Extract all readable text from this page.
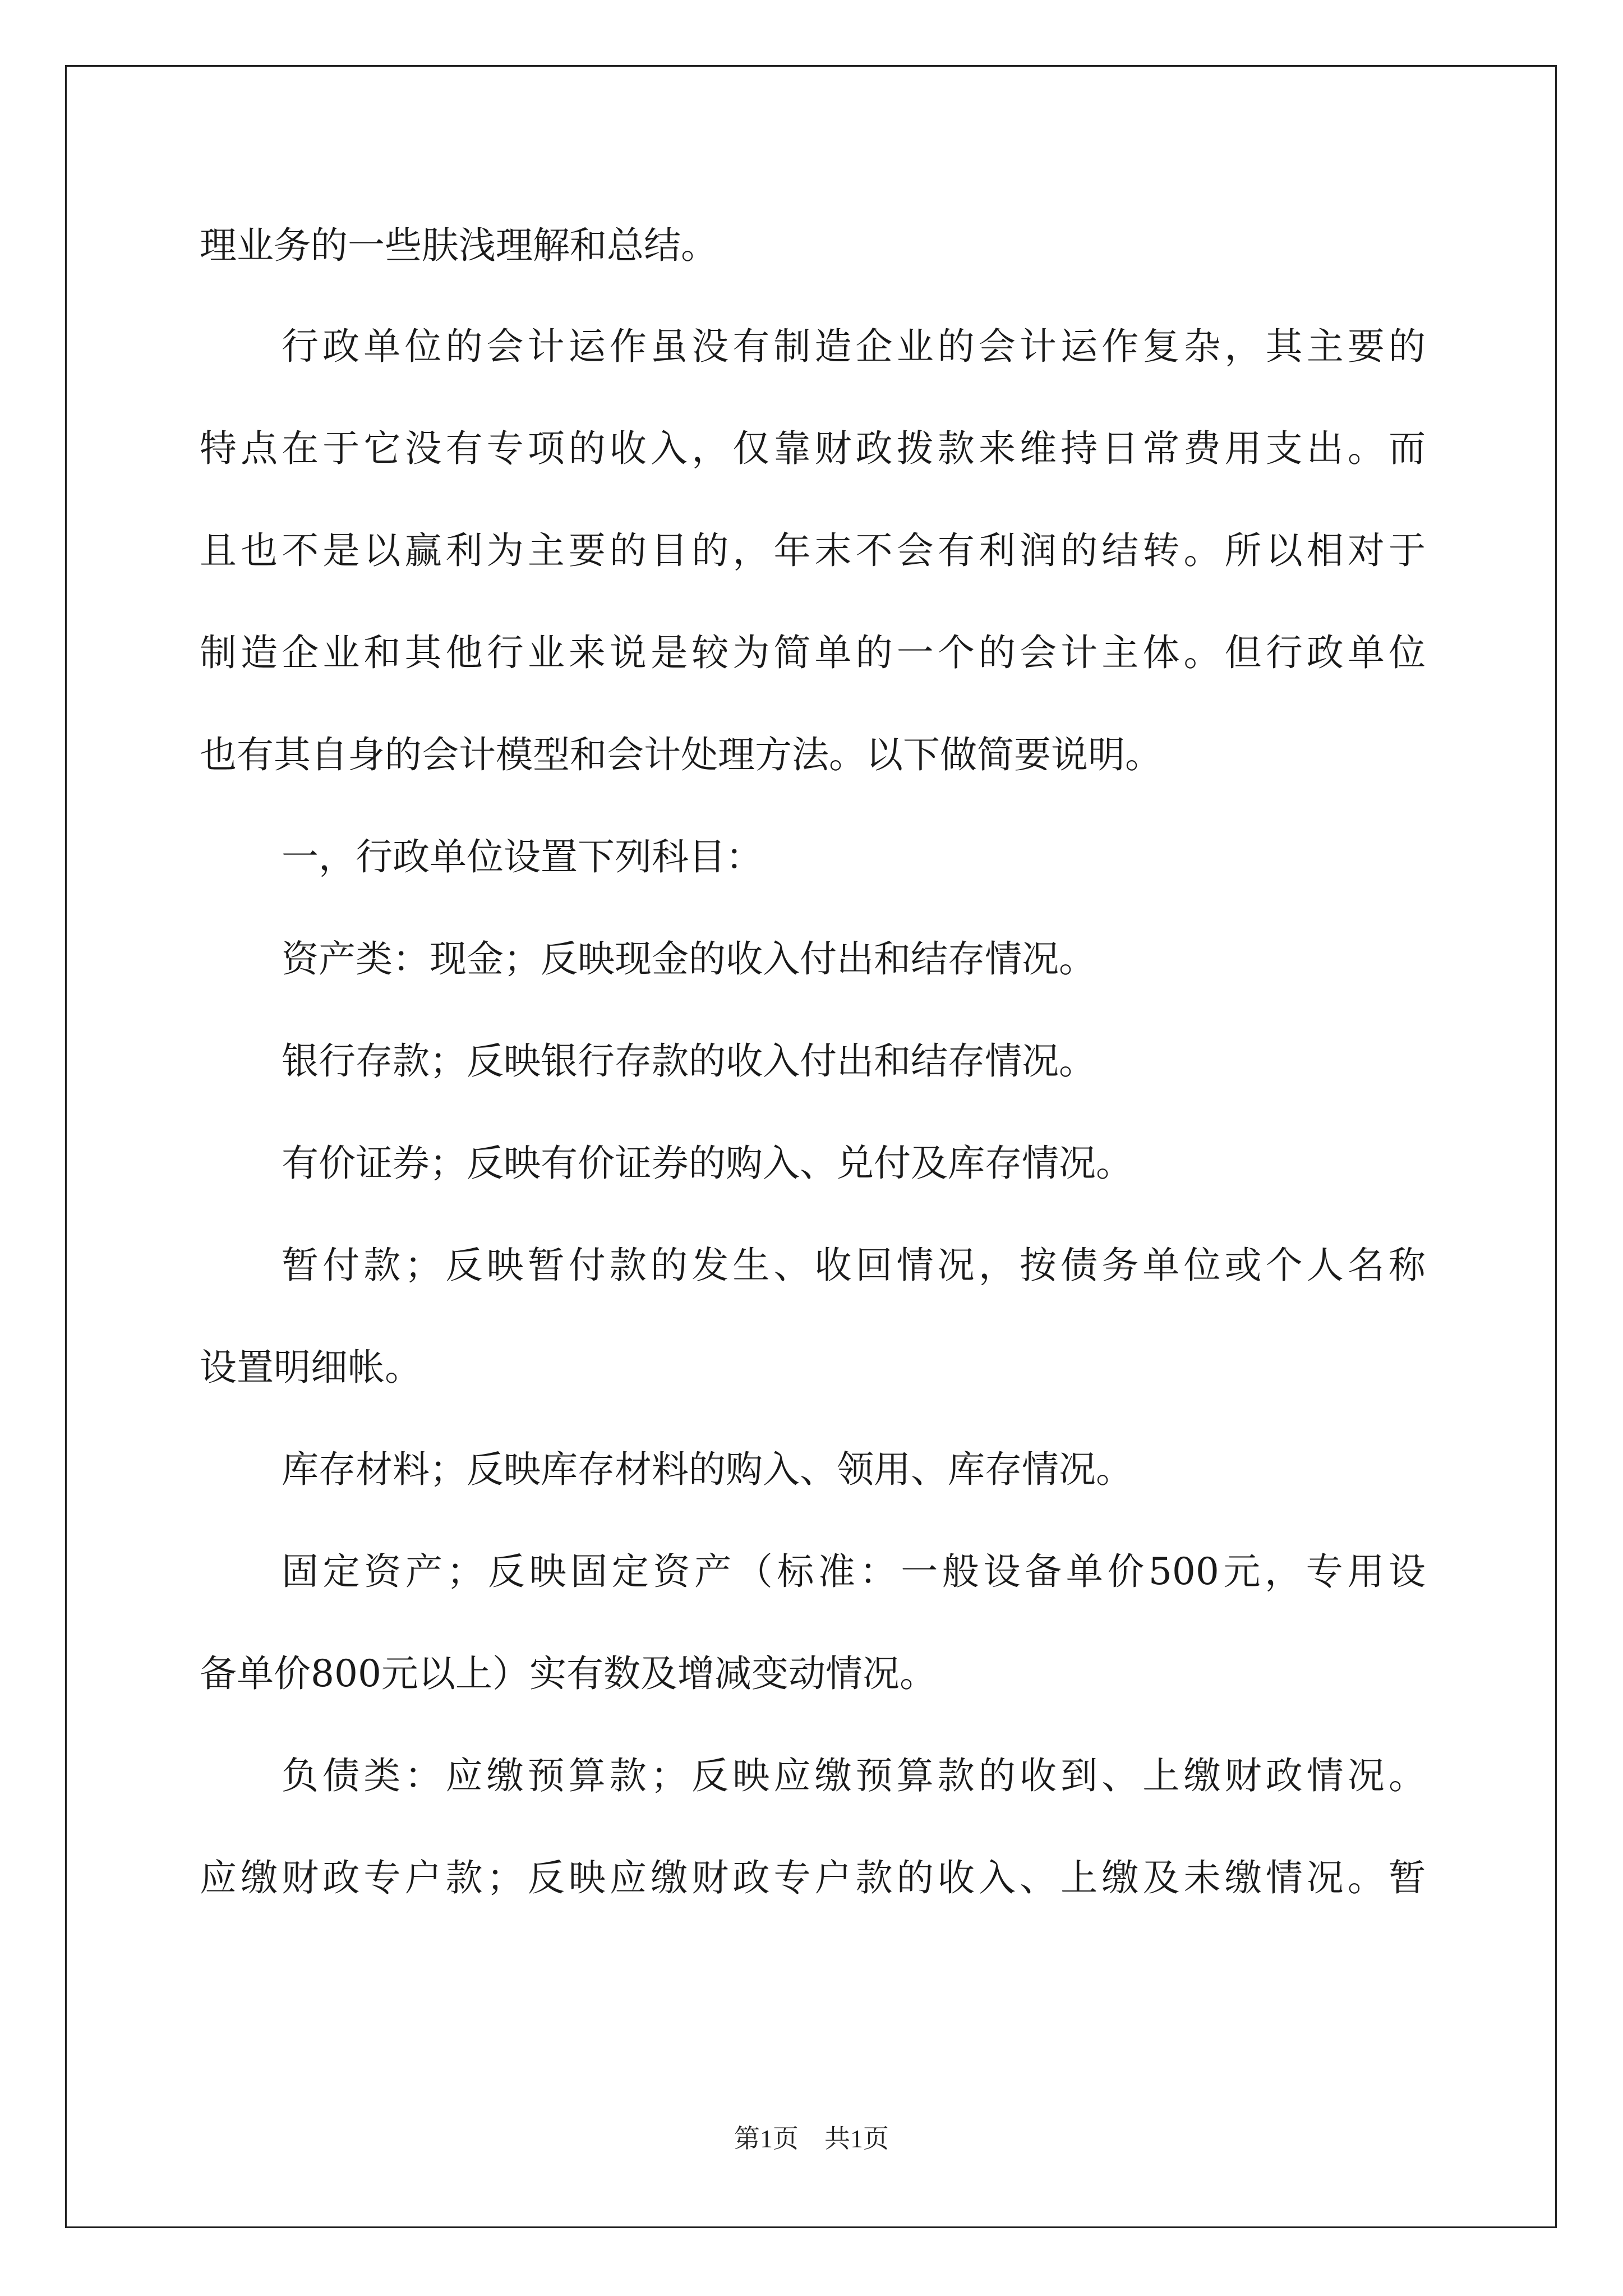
理业务的一些肤浅理解和总结。
行政单位的会计运作虽没有制造企业的会计运作复杂，其主要的
特点在于它没有专项的收入，仅靠财政拨款来维持日常费用支出。而
且也不是以赢利为主要的目的，年末不会有利润的结转。所以相对于
制造企业和其他行业来说是较为简单的一个的会计主体。但行政单位
也有其自身的会计模型和会计处理方法。以下做简要说明。
一，行政单位设置下列科目：
资产类：现金；反映现金的收入付出和结存情况。
银行存款；反映银行存款的收入付出和结存情况。
有价证券；反映有价证券的购入、兑付及库存情况。
暂付款；反映暂付款的发生、收回情况，按债务单位或个人名称
设置明细帐。
库存材料；反映库存材料的购入、领用、库存情况。
固定资产；反映固定资产（标准：一般设备单价500元，专用设
备单价800元以上）实有数及增减变动情况。
负债类：应缴预算款；反映应缴预算款的收到、上缴财政情况。
应缴财政专户款；反映应缴财政专户款的收入、上缴及未缴情况。暂
第1页 共1页
